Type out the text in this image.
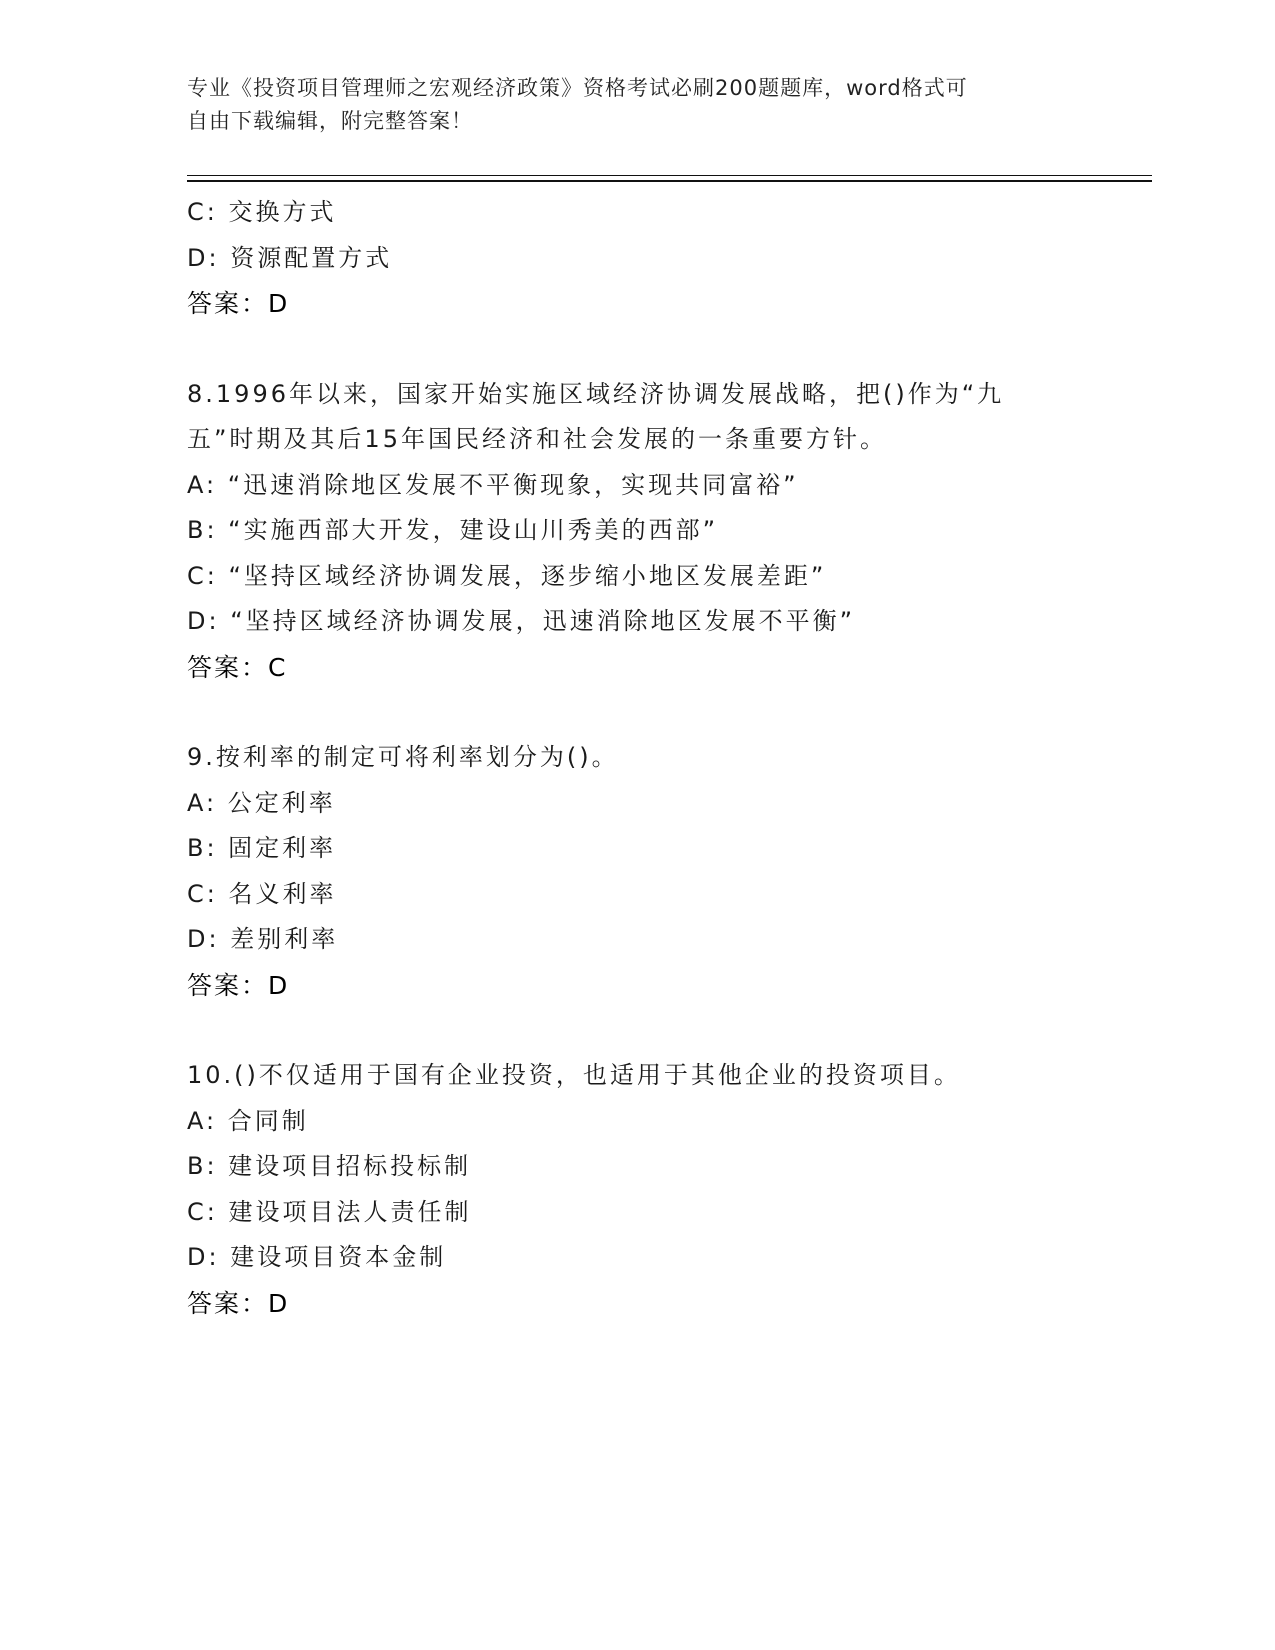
专业《投资项目管理师之宏观经济政策》资格考试必刷200题题库，word格式可
自由下载编辑，附完整答案！
C: 交换方式
D: 资源配置方式
答案：D
8.1996年以来，国家开始实施区域经济协调发展战略，把()作为“九
五”时期及其后15年国民经济和社会发展的一条重要方针。
A: “迅速消除地区发展不平衡现象，实现共同富裕”
B: “实施西部大开发，建设山川秀美的西部”
C: “坚持区域经济协调发展，逐步缩小地区发展差距”
D: “坚持区域经济协调发展，迅速消除地区发展不平衡”
答案：C
9.按利率的制定可将利率划分为()。
A: 公定利率
B: 固定利率
C: 名义利率
D: 差别利率
答案：D
10.()不仅适用于国有企业投资，也适用于其他企业的投资项目。
A: 合同制
B: 建设项目招标投标制
C: 建设项目法人责任制
D: 建设项目资本金制
答案：D
